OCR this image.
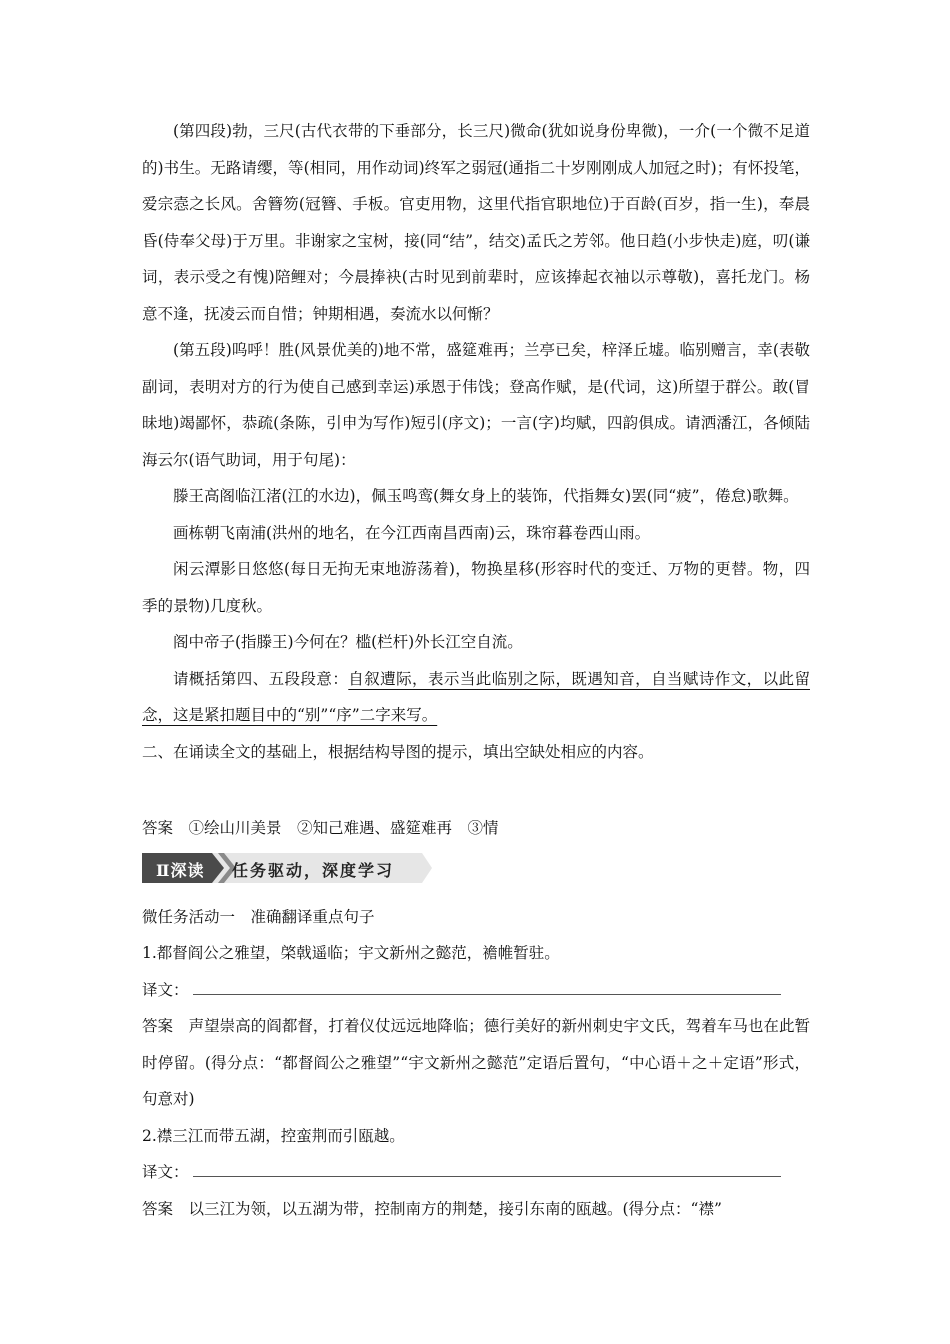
(第四段)勃，三尺(古代衣带的下垂部分，长三尺)微命(犹如说身份卑微)，一介(一个微不足道的)书生。无路请缨，等(相同，用作动词)终军之弱冠(通指二十岁刚刚成人加冠之时)；有怀投笔，爱宗悫之长风。舍簪笏(冠簪、手板。官吏用物，这里代指官职地位)于百龄(百岁，指一生)，奉晨昏(侍奉父母)于万里。非谢家之宝树，接(同“结”，结交)孟氏之芳邻。他日趋(小步快走)庭，叨(谦词，表示受之有愧)陪鲤对；今晨捧袂(古时见到前辈时，应该捧起衣袖以示尊敬)，喜托龙门。杨意不逢，抚凌云而自惜；钟期相遇，奏流水以何惭？

(第五段)呜呼！胜(风景优美的)地不常，盛筵难再；兰亭已矣，梓泽丘墟。临别赠言，幸(表敬副词，表明对方的行为使自己感到幸运)承恩于伟饯；登高作赋，是(代词，这)所望于群公。敢(冒昧地)竭鄙怀，恭疏(条陈，引申为写作)短引(序文)；一言(字)均赋，四韵俱成。请洒潘江，各倾陆海云尔(语气助词，用于句尾)：

滕王高阁临江渚(江的水边)，佩玉鸣鸾(舞女身上的装饰，代指舞女)罢(同“疲”，倦怠)歌舞。

画栋朝飞南浦(洪州的地名，在今江西南昌西南)云，珠帘暮卷西山雨。

闲云潭影日悠悠(每日无拘无束地游荡着)，物换星移(形容时代的变迁、万物的更替。物，四季的景物)几度秋。

阁中帝子(指滕王)今何在？槛(栏杆)外长江空自流。

请概括第四、五段段意：自叙遭际，表示当此临别之际，既遇知音，自当赋诗作文，以此留念，这是紧扣题目中的“别”“序”二字来写。

二、在诵读全文的基础上，根据结构导图的提示，填出空缺处相应的内容。

答案　①绘山川美景　②知己难遇、盛筵难再　③情

Ⅱ深读 任务驱动，深度学习

微任务活动一　准确翻译重点句子

1.都督阎公之雅望，棨戟遥临；宇文新州之懿范，襜帷暂驻。

译文：

答案　声望崇高的阎都督，打着仪仗远远地降临；德行美好的新州刺史宇文氏，驾着车马也在此暂时停留。(得分点：“都督阎公之雅望”“宇文新州之懿范”定语后置句，“中心语＋之＋定语”形式，句意对)

2.襟三江而带五湖，控蛮荆而引瓯越。

译文：

答案　以三江为领，以五湖为带，控制南方的荆楚，接引东南的瓯越。(得分点：“襟”
